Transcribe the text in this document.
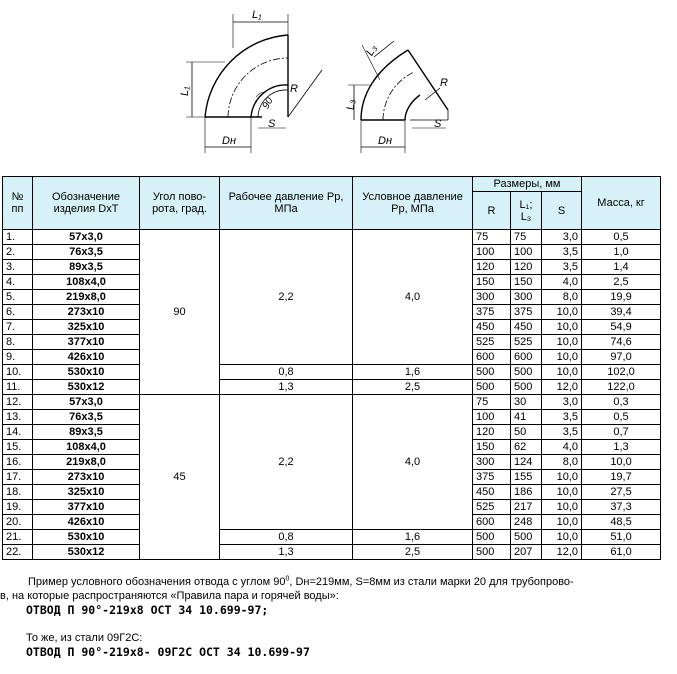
L₁
L₁	R
90
S
Dн
L₃
L₃
R
S
Dн
№ пп	Обозначение изделия DxT	Угол пово-рота, град.	Рабочее давление Рр, МПа	Условное давление Рр, МПа	Размеры, мм			Масса, кг
					R	L₁; L₃	S	
1.	57x3,0	90	2,2	4,0	75	75	3,0	0,5
2.	76x3,5				100	100	3,5	1,0
3.	89x3,5				120	120	3,5	1,4
4.	108x4,0				150	150	4,0	2,5
5.	219x8,0				300	300	8,0	19,9
6.	273x10				375	375	10,0	39,4
7.	325x10				450	450	10,0	54,9
8.	377x10				525	525	10,0	74,6
9.	426x10				600	600	10,0	97,0
10.	530x10		0,8	1,6	500	500	10,0	102,0
11.	530x12		1,3	2,5	500	500	12,0	122,0
12.	57x3,0	45	2,2	4,0	75	30	3,0	0,3
13.	76x3,5				100	41	3,5	0,5
14.	89x3,5				120	50	3,5	0,7
15.	108x4,0				150	62	4,0	1,3
16.	219x8,0				300	124	8,0	10,0
17.	273x10				375	155	10,0	19,7
18.	325x10				450	186	10,0	27,5
19.	377x10				525	217	10,0	37,3
20.	426x10				600	248	10,0	48,5
21.	530x10		0,8	1,6	500	500	10,0	51,0
22.	530x12		1,3	2,5	500	207	12,0	61,0
Пример условного обозначения отвода с углом $90^0$, Dн=219мм, S=8мм из стали марки 20 для трубопрово-
в, на которые распространяются «Правила пара и горячей воды»:
ОТВОД П 90°-219х8 ОСТ 34 10.699-97;
То же, из стали 09Г2С:
ОТВОД П 90°-219х8- 09Г2С ОСТ 34 10.699-97
